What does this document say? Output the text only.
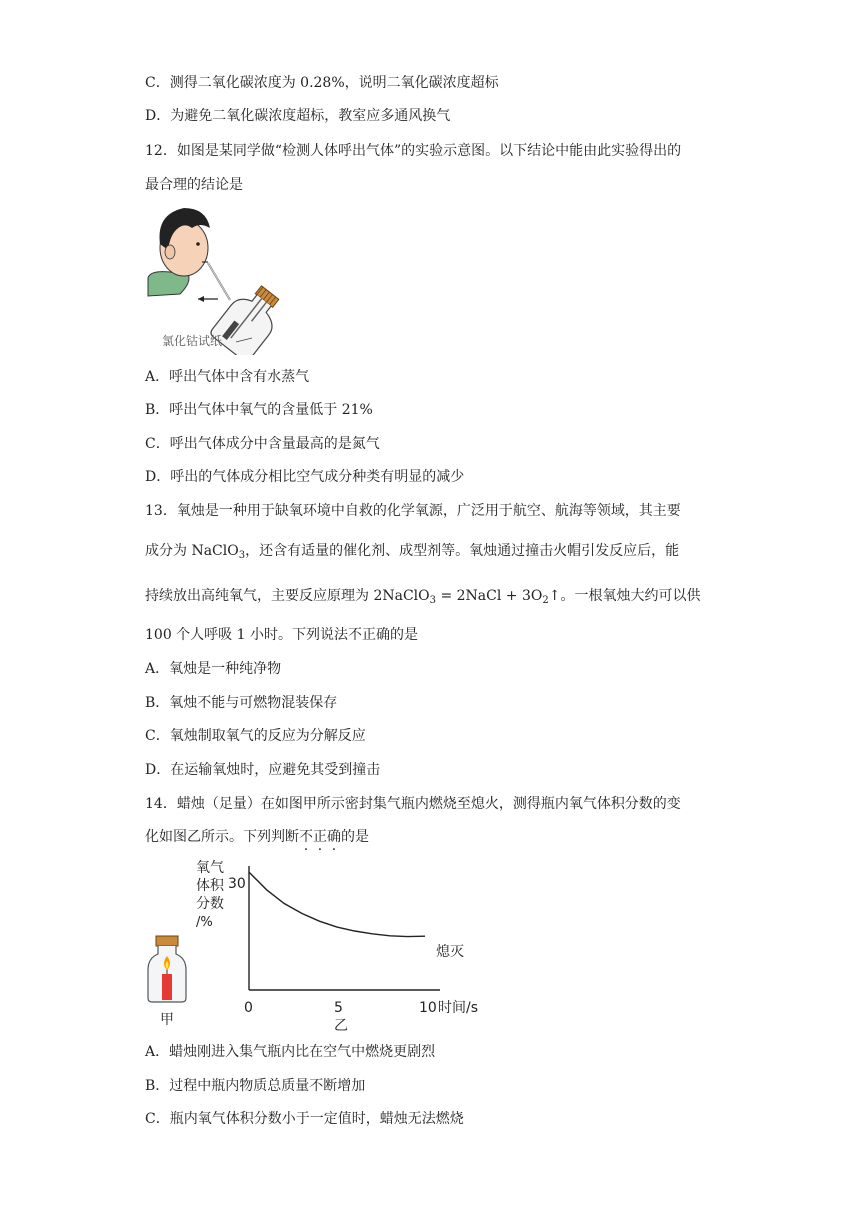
C．测得二氧化碳浓度为 0.28%，说明二氧化碳浓度超标
D．为避免二氧化碳浓度超标，教室应多通风换气
12．如图是某同学做“检测人体呼出气体”的实验示意图。以下结论中能由此实验得出的
最合理的结论是
氯化钴试纸
A．呼出气体中含有水蒸气
B．呼出气体中氧气的含量低于 21%
C．呼出气体成分中含量最高的是氮气
D．呼出的气体成分相比空气成分种类有明显的减少
13．氧烛是一种用于缺氧环境中自救的化学氧源，广泛用于航空、航海等领域，其主要
成分为 NaClO$_3$，还含有适量的催化剂、成型剂等。氧烛通过撞击火帽引发反应后，能
持续放出高纯氧气，主要反应原理为 2NaClO$_3$ = 2NaCl + $3O_2↑$。一根氧烛大约可以供
100 个人呼吸 1 小时。下列说法不正确的是
A．氧烛是一种纯净物
B．氧烛不能与可燃物混装保存
C．氧烛制取氧气的反应为分解反应
D．在运输氧烛时，应避免其受到撞击
14．蜡烛（足量）在如图甲所示密封集气瓶内燃烧至熄火，测得瓶内氧气体积分数的变
化如图乙所示。下列判断不正确的是
甲
氧气
体积
分数
/%
30
0	5	10 时间/s
熄灭
乙
A．蜡烛刚进入集气瓶内比在空气中燃烧更剧烈
B．过程中瓶内物质总质量不断增加
C．瓶内氧气体积分数小于一定值时，蜡烛无法燃烧
